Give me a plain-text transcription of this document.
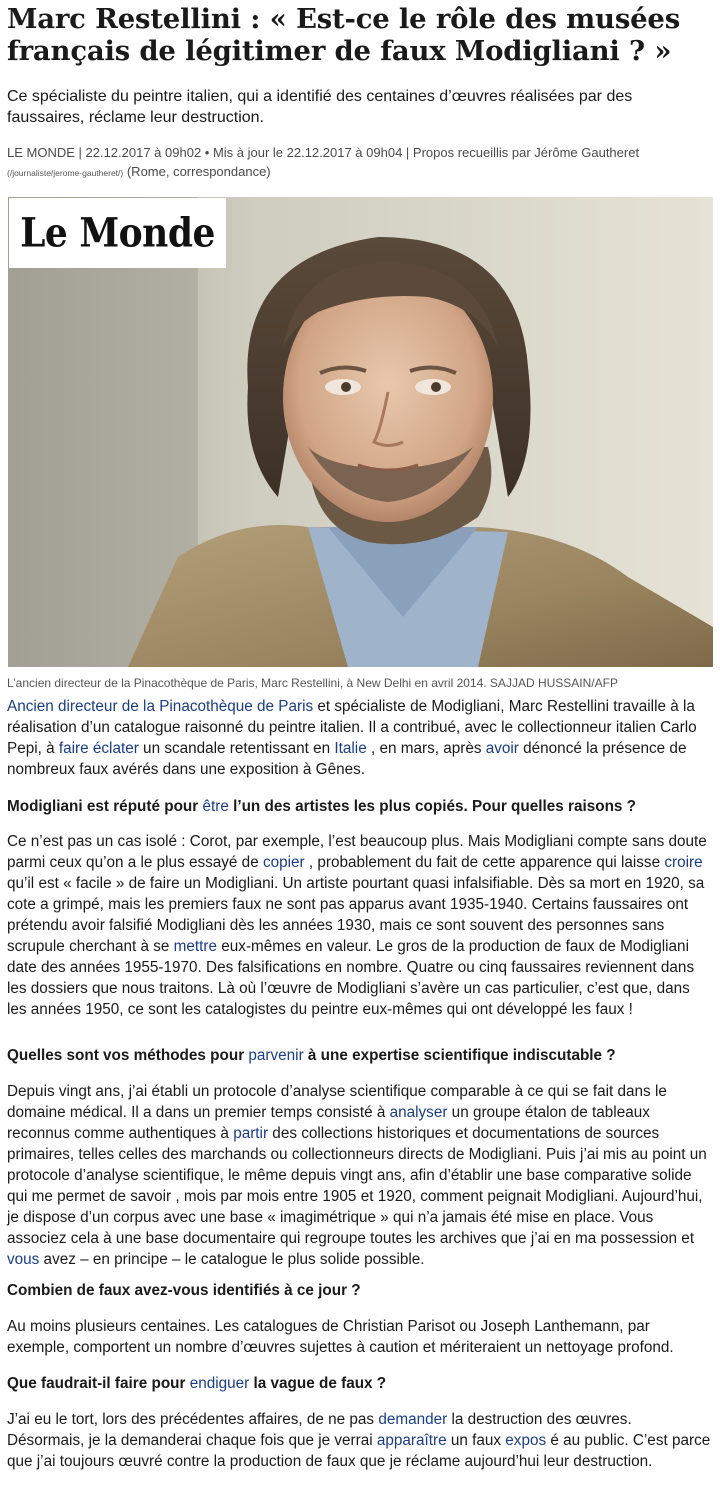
Marc Restellini : « Est-ce le rôle des musées français de légitimer de faux Modigliani ? »

Ce spécialiste du peintre italien, qui a identifié des centaines d’œuvres réalisées par des faussaires, réclame leur destruction.

LE MONDE | 22.12.2017 à 09h02 • Mis à jour le 22.12.2017 à 09h04 | Propos recueillis par Jérôme Gautheret
(/journaliste/jerome-gautheret/) (Rome, correspondance)
Le Monde
L’ancien directeur de la Pinacothèque de Paris, Marc Restellini, à New Delhi en avril 2014. SAJJAD HUSSAIN/AFP

Ancien directeur de la Pinacothèque de Paris et spécialiste de Modigliani, Marc Restellini travaille à la réalisation d’un catalogue raisonné du peintre italien. Il a contribué, avec le collectionneur italien Carlo Pepi, à faire éclater un scandale retentissant en Italie , en mars, après avoir dénoncé la présence de nombreux faux avérés dans une exposition à Gênes.

Modigliani est réputé pour être l’un des artistes les plus copiés. Pour quelles raisons ?

Ce n’est pas un cas isolé : Corot, par exemple, l’est beaucoup plus. Mais Modigliani compte sans doute parmi ceux qu’on a le plus essayé de copier , probablement du fait de cette apparence qui laisse croire qu’il est « facile » de faire un Modigliani. Un artiste pourtant quasi infalsifiable. Dès sa mort en 1920, sa cote a grimpé, mais les premiers faux ne sont pas apparus avant 1935-1940. Certains faussaires ont prétendu avoir falsifié Modigliani dès les années 1930, mais ce sont souvent des personnes sans scrupule cherchant à se mettre eux-mêmes en valeur. Le gros de la production de faux de Modigliani date des années 1955-1970. Des falsifications en nombre. Quatre ou cinq faussaires reviennent dans les dossiers que nous traitons. Là où l’œuvre de Modigliani s’avère un cas particulier, c’est que, dans les années 1950, ce sont les catalogistes du peintre eux-mêmes qui ont développé les faux !

Quelles sont vos méthodes pour parvenir à une expertise scientifique indiscutable ?

Depuis vingt ans, j’ai établi un protocole d’analyse scientifique comparable à ce qui se fait dans le domaine médical. Il a dans un premier temps consisté à analyser un groupe étalon de tableaux reconnus comme authentiques à partir des collections historiques et documentations de sources primaires, telles celles des marchands ou collectionneurs directs de Modigliani. Puis j’ai mis au point un protocole d’analyse scientifique, le même depuis vingt ans, afin d’établir une base comparative solide qui me permet de savoir , mois par mois entre 1905 et 1920, comment peignait Modigliani. Aujourd’hui, je dispose d’un corpus avec une base « imagimétrique » qui n’a jamais été mise en place. Vous associez cela à une base documentaire qui regroupe toutes les archives que j’ai en ma possession et vous avez – en principe – le catalogue le plus solide possible.

Combien de faux avez-vous identifiés à ce jour ?

Au moins plusieurs centaines. Les catalogues de Christian Parisot ou Joseph Lanthemann, par exemple, comportent un nombre d’œuvres sujettes à caution et mériteraient un nettoyage profond.

Que faudrait-il faire pour endiguer la vague de faux ?

J’ai eu le tort, lors des précédentes affaires, de ne pas demander la destruction des œuvres. Désormais, je la demanderai chaque fois que je verrai apparaître un faux expos é au public. C’est parce que j’ai toujours œuvré contre la production de faux que je réclame aujourd’hui leur destruction.
